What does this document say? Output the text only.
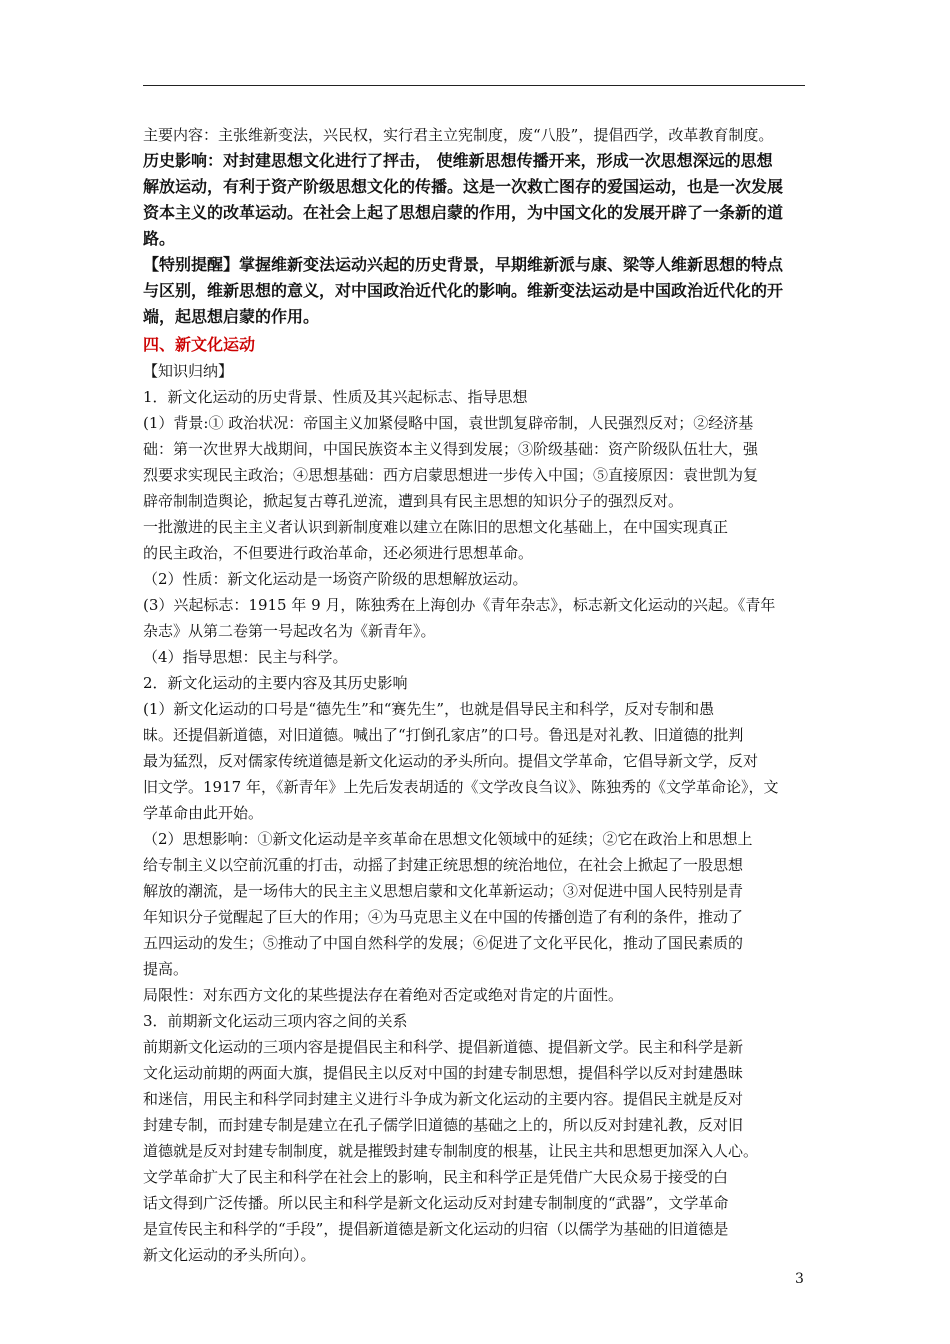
主要内容：主张维新变法，兴民权，实行君主立宪制度，废“八股”，提倡西学，改革教育制度。
历史影响：对封建思想文化进行了抨击， 使维新思想传播开来，形成一次思想深远的思想
解放运动，有利于资产阶级思想文化的传播。这是一次救亡图存的爱国运动，也是一次发展
资本主义的改革运动。在社会上起了思想启蒙的作用，为中国文化的发展开辟了一条新的道
路。
【特别提醒】掌握维新变法运动兴起的历史背景，早期维新派与康、梁等人维新思想的特点
与区别，维新思想的意义，对中国政治近代化的影响。维新变法运动是中国政治近代化的开
端，起思想启蒙的作用。
四、新文化运动
【知识归纳】
1．新文化运动的历史背景、性质及其兴起标志、指导思想
(1）背景:① 政治状况：帝国主义加紧侵略中国，袁世凯复辟帝制，人民强烈反对；②经济基
础：第一次世界大战期间，中国民族资本主义得到发展；③阶级基础：资产阶级队伍壮大，强
烈要求实现民主政治；④思想基础：西方启蒙思想进一步传入中国；⑤直接原因：袁世凯为复
辟帝制制造舆论，掀起复古尊孔逆流，遭到具有民主思想的知识分子的强烈反对。
一批激进的民主主义者认识到新制度难以建立在陈旧的思想文化基础上，在中国实现真正
的民主政治，不但要进行政治革命，还必须进行思想革命。
（2）性质：新文化运动是一场资产阶级的思想解放运动。
(3）兴起标志：1915 年 9 月，陈独秀在上海创办《青年杂志》，标志新文化运动的兴起。《青年
杂志》从第二卷第一号起改名为《新青年》。
（4）指导思想：民主与科学。
2．新文化运动的主要内容及其历史影响
(1）新文化运动的口号是“德先生”和“赛先生”，也就是倡导民主和科学，反对专制和愚
昧。还提倡新道德，对旧道德。喊出了“打倒孔家店”的口号。鲁迅是对礼教、旧道德的批判
最为猛烈，反对儒家传统道德是新文化运动的矛头所向。提倡文学革命，它倡导新文学，反对
旧文学。1917 年，《新青年》上先后发表胡适的《文学改良刍议》、陈独秀的《文学革命论》，文
学革命由此开始。
（2）思想影响：①新文化运动是辛亥革命在思想文化领域中的延续；②它在政治上和思想上
给专制主义以空前沉重的打击，动摇了封建正统思想的统治地位，在社会上掀起了一股思想
解放的潮流，是一场伟大的民主主义思想启蒙和文化革新运动；③对促进中国人民特别是青
年知识分子觉醒起了巨大的作用；④为马克思主义在中国的传播创造了有利的条件，推动了
五四运动的发生；⑤推动了中国自然科学的发展；⑥促进了文化平民化，推动了国民素质的
提高。
局限性：对东西方文化的某些提法存在着绝对否定或绝对肯定的片面性。
3．前期新文化运动三项内容之间的关系
前期新文化运动的三项内容是提倡民主和科学、提倡新道德、提倡新文学。民主和科学是新
文化运动前期的两面大旗，提倡民主以反对中国的封建专制思想，提倡科学以反对封建愚昧
和迷信，用民主和科学同封建主义进行斗争成为新文化运动的主要内容。提倡民主就是反对
封建专制，而封建专制是建立在孔子儒学旧道德的基础之上的，所以反对封建礼教，反对旧
道德就是反对封建专制制度，就是摧毁封建专制制度的根基，让民主共和思想更加深入人心。
文学革命扩大了民主和科学在社会上的影响，民主和科学正是凭借广大民众易于接受的白
话文得到广泛传播。所以民主和科学是新文化运动反对封建专制制度的“武器”，文学革命
是宣传民主和科学的“手段”，提倡新道德是新文化运动的归宿（以儒学为基础的旧道德是
新文化运动的矛头所向）。
3
